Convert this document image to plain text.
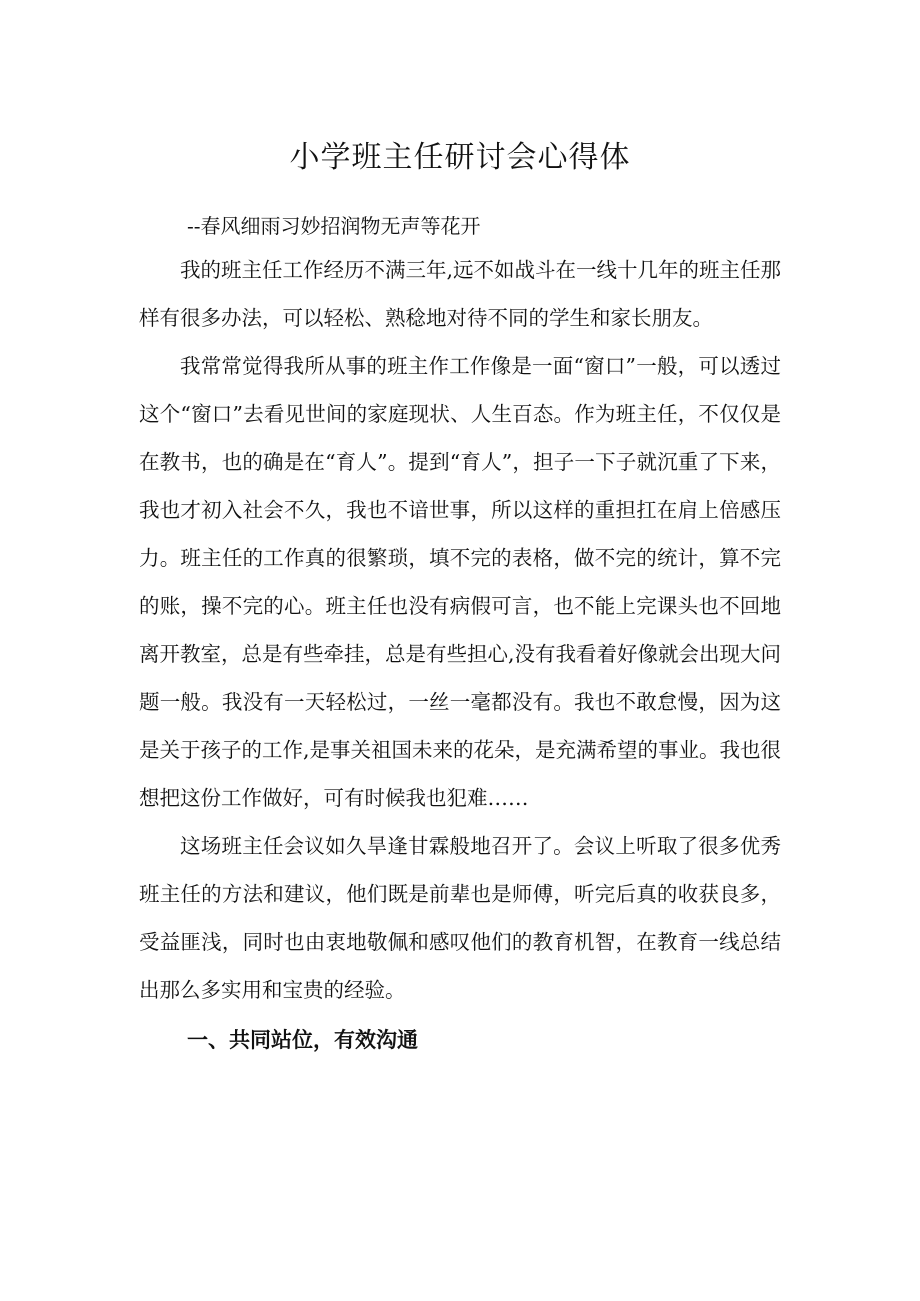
小学班主任研讨会心得体

--春风细雨习妙招润物无声等花开

我的班主任工作经历不满三年,远不如战斗在一线十几年的班主任那样有很多办法，可以轻松、熟稔地对待不同的学生和家长朋友。

我常常觉得我所从事的班主作工作像是一面“窗口”一般，可以透过这个“窗口”去看见世间的家庭现状、人生百态。作为班主任，不仅仅是在教书，也的确是在“育人”。提到“育人”，担子一下子就沉重了下来，我也才初入社会不久，我也不谙世事，所以这样的重担扛在肩上倍感压力。班主任的工作真的很繁琐，填不完的表格，做不完的统计，算不完的账，操不完的心。班主任也没有病假可言，也不能上完课头也不回地离开教室，总是有些牵挂，总是有些担心,没有我看着好像就会出现大问题一般。我没有一天轻松过，一丝一毫都没有。我也不敢怠慢，因为这是关于孩子的工作,是事关祖国未来的花朵，是充满希望的事业。我也很想把这份工作做好，可有时候我也犯难……

这场班主任会议如久旱逢甘霖般地召开了。会议上听取了很多优秀班主任的方法和建议，他们既是前辈也是师傅，听完后真的收获良多，受益匪浅，同时也由衷地敬佩和感叹他们的教育机智，在教育一线总结出那么多实用和宝贵的经验。

一、共同站位，有效沟通
